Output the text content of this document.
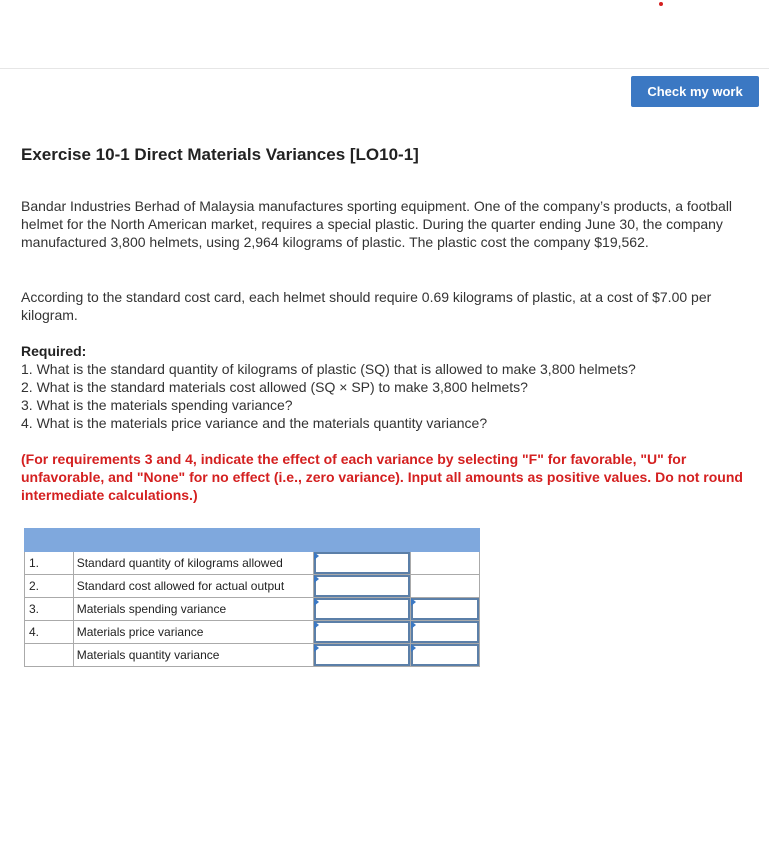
Check my work
Exercise 10-1 Direct Materials Variances [LO10-1]

Bandar Industries Berhad of Malaysia manufactures sporting equipment. One of the company’s products, a football helmet for the North American market, requires a special plastic. During the quarter ending June 30, the company manufactured 3,800 helmets, using 2,964 kilograms of plastic. The plastic cost the company $19,562.

According to the standard cost card, each helmet should require 0.69 kilograms of plastic, at a cost of $7.00 per kilogram.

Required:

1. What is the standard quantity of kilograms of plastic (SQ) that is allowed to make 3,800 helmets?
2. What is the standard materials cost allowed (SQ × SP) to make 3,800 helmets?
3. What is the materials spending variance?
4. What is the materials price variance and the materials quantity variance?

(For requirements 3 and 4, indicate the effect of each variance by selecting "F" for favorable, "U" for unfavorable, and "None" for no effect (i.e., zero variance). Input all amounts as positive values. Do not round intermediate calculations.)

1.	Standard quantity of kilograms allowed	

2.	Standard cost allowed for actual output	

3.	Materials spending variance	

4.	Materials price variance	

	Materials quantity variance	
